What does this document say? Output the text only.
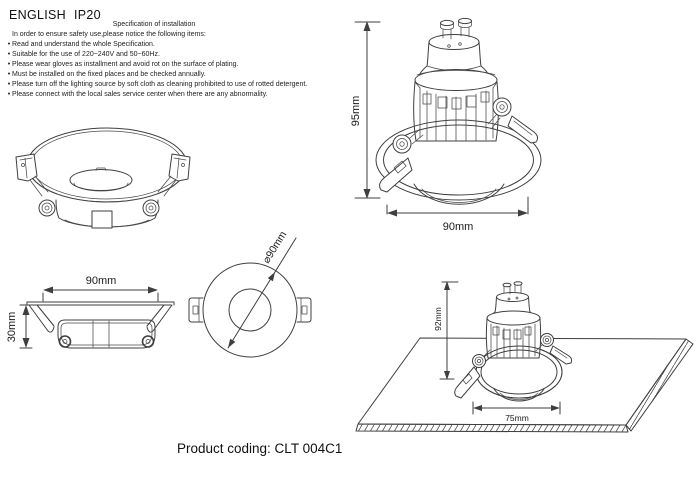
ENGLISH IP20
Specification of installation
In order to ensure safety use,please notice the following items:
•
Read and understand the whole Specification.
•
Suitable for the use of 220~240V and 50~60Hz.
•
Please wear gloves as installment and avoid rot on the surface of plating.
•
Must be installed on the fixed places and be checked annually.
•
Please turn off the lighting source by soft cloth as cleaning prohibited to use of rotted detergent.
•
Please connect with the local sales service center when there are any abnormality.
95mm
90mm
90mm
30mm
⌀90mm
92mm
75mm
Product coding: CLT 004C1
